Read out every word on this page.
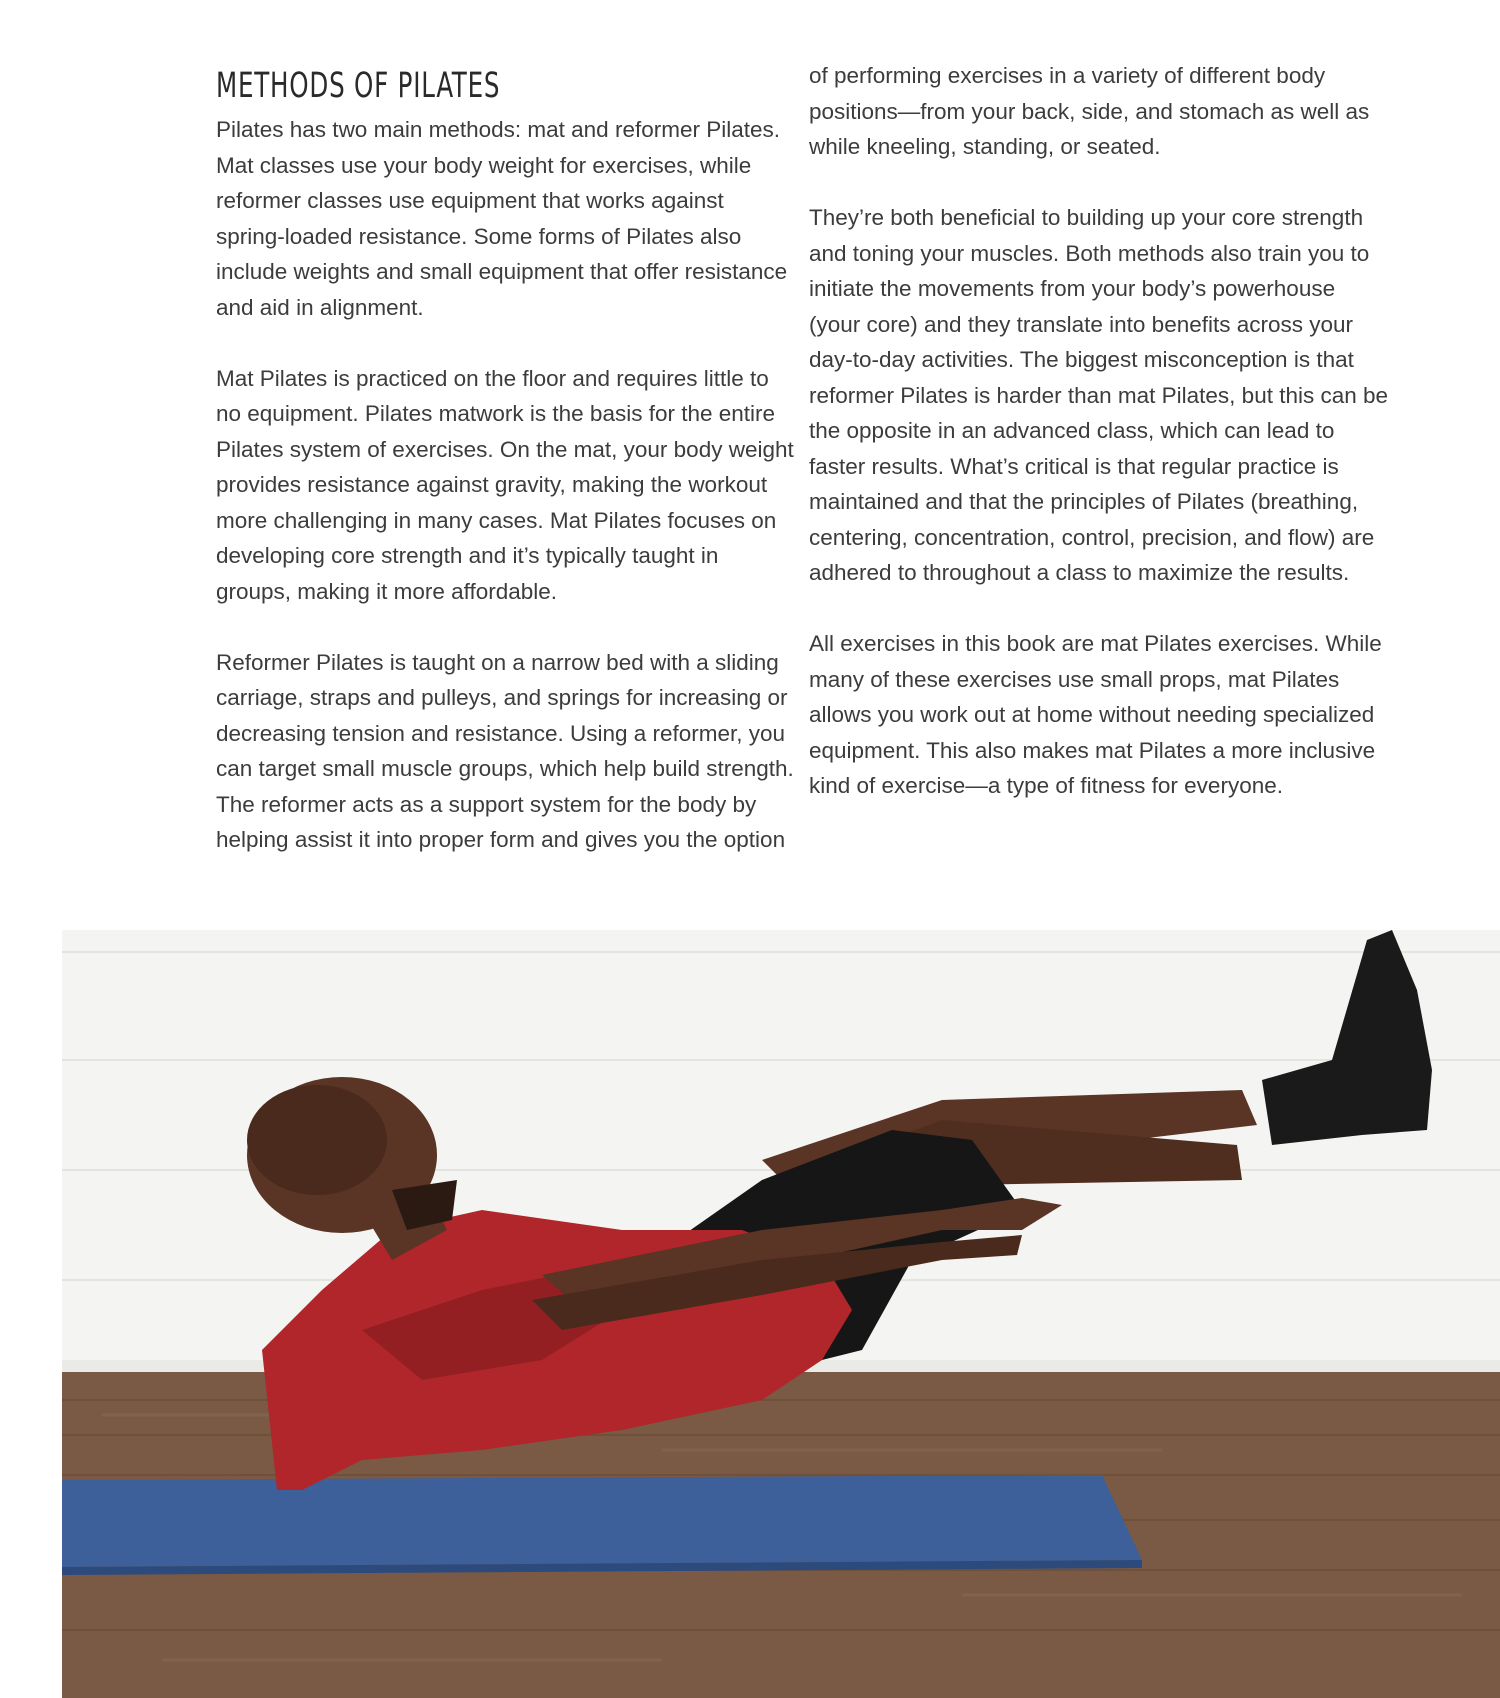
METHODS OF PILATES

Pilates has two main methods: mat and reformer Pilates. Mat classes use your body weight for exercises, while reformer classes use equipment that works against spring-loaded resistance. Some forms of Pilates also include weights and small equipment that offer resistance and aid in alignment.

Mat Pilates is practiced on the floor and requires little to no equipment. Pilates matwork is the basis for the entire Pilates system of exercises. On the mat, your body weight provides resistance against gravity, making the workout more challenging in many cases. Mat Pilates focuses on developing core strength and it’s typically taught in groups, making it more affordable.

Reformer Pilates is taught on a narrow bed with a sliding carriage, straps and pulleys, and springs for increasing or decreasing tension and resistance. Using a reformer, you can target small muscle groups, which help build strength. The reformer acts as a support system for the body by helping assist it into proper form and gives you the option

of performing exercises in a variety of different body positions—from your back, side, and stomach as well as while kneeling, standing, or seated.

They’re both beneficial to building up your core strength and toning your muscles. Both methods also train you to initiate the movements from your body’s powerhouse (your core) and they translate into benefits across your day-to-day activities. The biggest misconception is that reformer Pilates is harder than mat Pilates, but this can be the opposite in an advanced class, which can lead to faster results. What’s critical is that regular practice is maintained and that the principles of Pilates (breathing, centering, concentration, control, precision, and flow) are adhered to throughout a class to maximize the results.

All exercises in this book are mat Pilates exercises. While many of these exercises use small props, mat Pilates allows you work out at home without needing specialized equipment. This also makes mat Pilates a more inclusive kind of exercise—a type of fitness for everyone.
